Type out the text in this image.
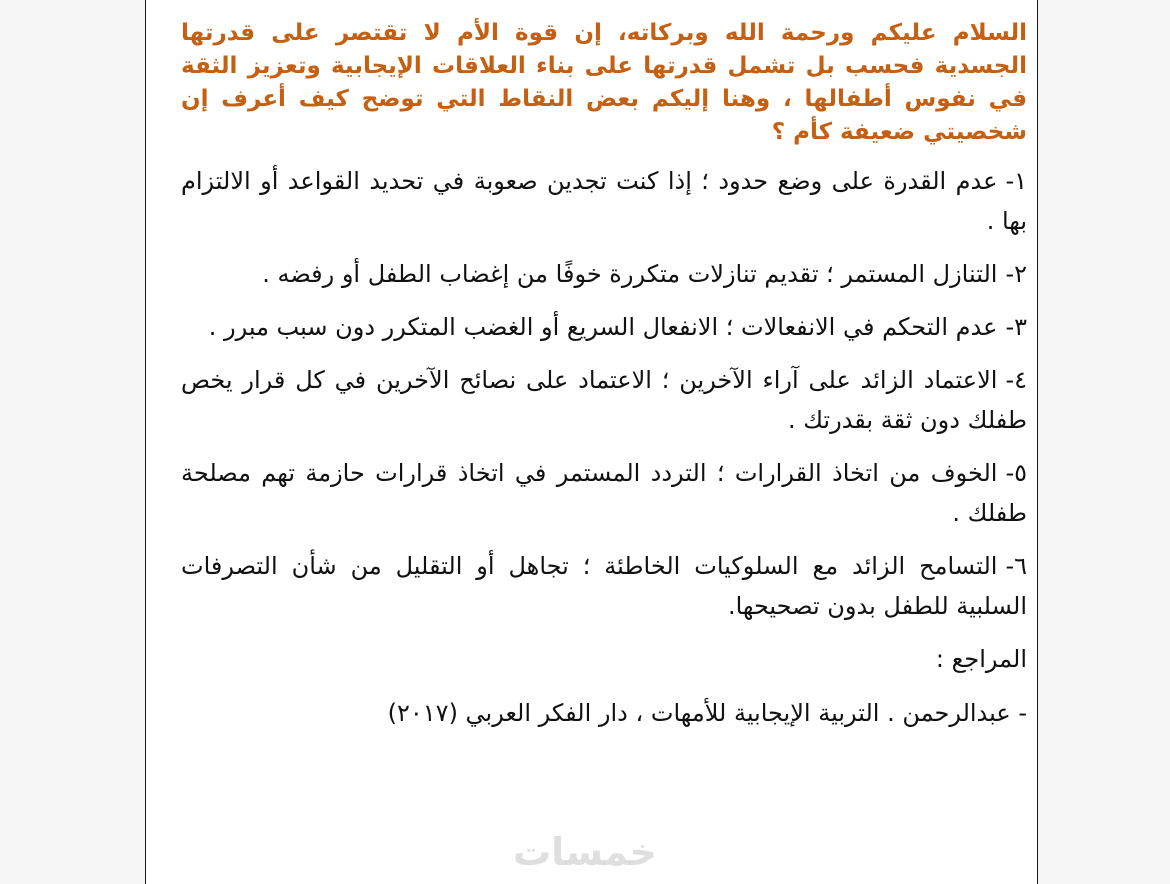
السلام عليكم ورحمة الله وبركاته، إن قوة الأم لا تقتصر على قدرتها الجسدية فحسب بل تشمل قدرتها على بناء العلاقات الإيجابية وتعزيز الثقة في نفوس أطفالها ، وهنا إليكم بعض النقاط التي توضح كيف أعرف إن شخصيتي ضعيفة كأم ؟

١-عدم القدرة على وضع حدود ؛ إذا كنت تجدين صعوبة في تحديد القواعد أو الالتزام بها .

٢-التنازل المستمر ؛ تقديم تنازلات متكررة خوفًا من إغضاب الطفل أو رفضه .

٣-عدم التحكم في الانفعالات ؛ الانفعال السريع أو الغضب المتكرر دون سبب مبرر .

٤-الاعتماد الزائد على آراء الآخرين ؛ الاعتماد على نصائح الآخرين في كل قرار يخص طفلك دون ثقة بقدرتك .

٥-الخوف من اتخاذ القرارات ؛ التردد المستمر في اتخاذ قرارات حازمة تهم مصلحة طفلك .

٦-التسامح الزائد مع السلوكيات الخاطئة ؛ تجاهل أو التقليل من شأن التصرفات السلبية للطفل بدون تصحيحها.

المراجع :

- عبدالرحمن . التربية الإيجابية للأمهات ، دار الفكر العربي (٢٠١٧)

خمسات
